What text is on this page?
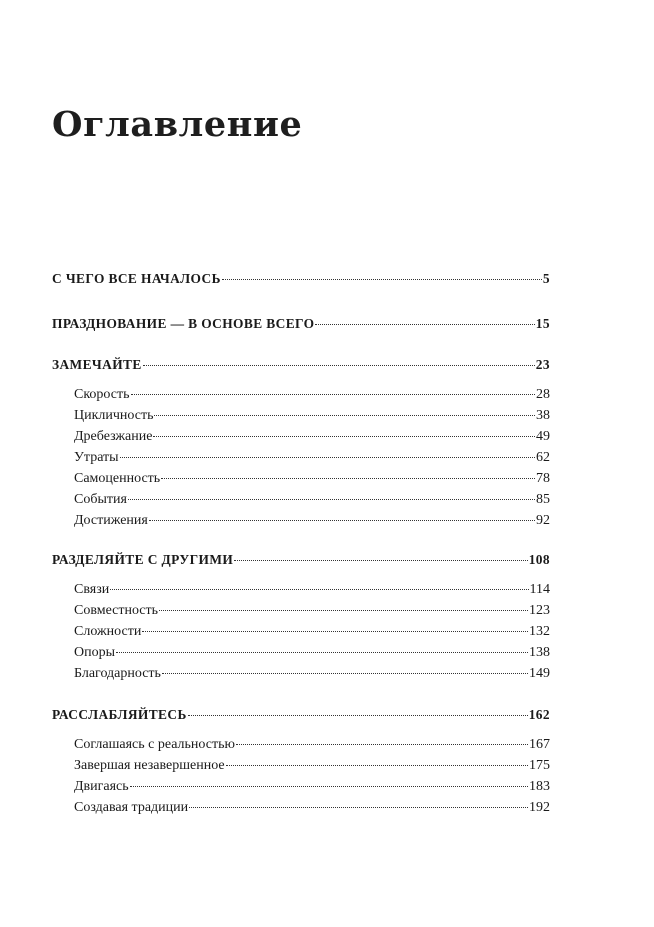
Оглавление
С ЧЕГО ВСЕ НАЧАЛОСЬ	5
ПРАЗДНОВАНИЕ — В ОСНОВЕ ВСЕГО	15
ЗАМЕЧАЙТЕ	23
Скорость	28
Цикличность	38
Дребезжание	49
Утраты	62
Самоценность	78
События	85
Достижения	92
РАЗДЕЛЯЙТЕ С ДРУГИМИ	108
Связи	114
Совместность	123
Сложности	132
Опоры	138
Благодарность	149
РАССЛАБЛЯЙТЕСЬ	162
Соглашаясь с реальностью	167
Завершая незавершенное	175
Двигаясь	183
Создавая традиции	192
